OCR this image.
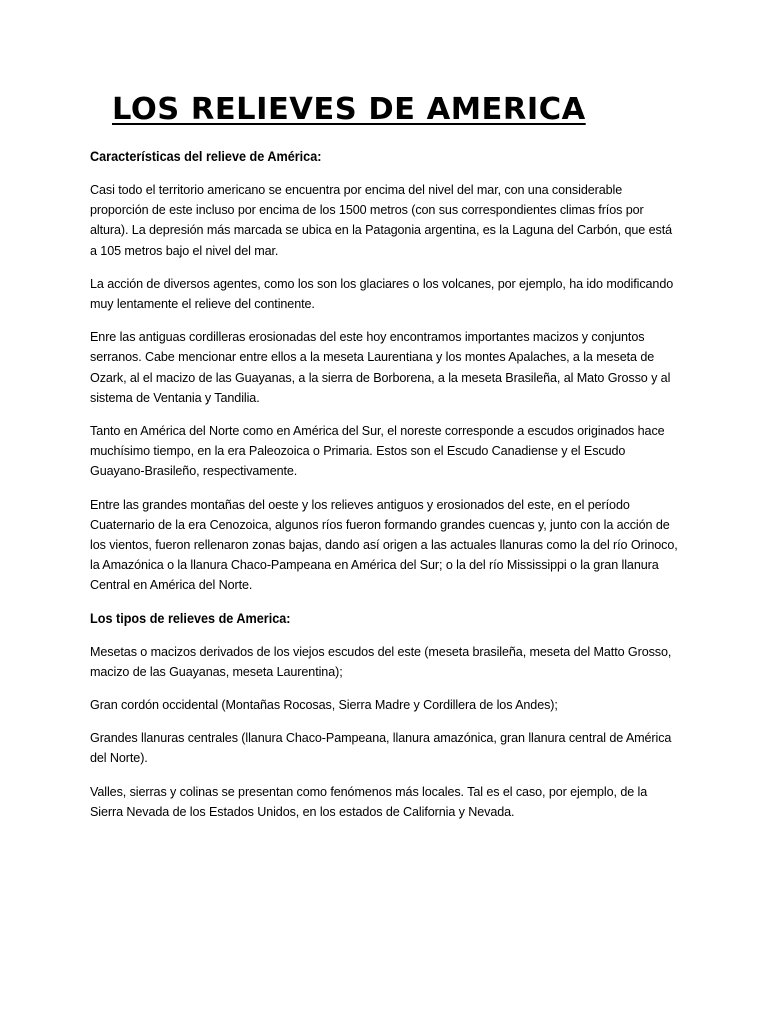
LOS RELIEVES DE AMERICA
Características del relieve de América:

Casi todo el territorio americano se encuentra por encima del nivel del mar, con una considerable proporción de este incluso por encima de los 1500 metros (con sus correspondientes climas fríos por altura). La depresión más marcada se ubica en la Patagonia argentina, es la Laguna del Carbón, que está a 105 metros bajo el nivel del mar.

La acción de diversos agentes, como los son los glaciares o los volcanes, por ejemplo, ha ido modificando muy lentamente el relieve del continente.

Enre las antiguas cordilleras erosionadas del este hoy encontramos importantes macizos y conjuntos serranos. Cabe mencionar entre ellos a la meseta Laurentiana y los montes Apalaches, a la meseta de Ozark, al el macizo de las Guayanas, a la sierra de Borborena, a la meseta Brasileña, al Mato Grosso y al sistema de Ventania y Tandilia.

Tanto en América del Norte como en América del Sur, el noreste corresponde a escudos originados hace muchísimo tiempo, en la era Paleozoica o Primaria. Estos son el Escudo Canadiense y el Escudo Guayano-Brasileño, respectivamente.

Entre las grandes montañas del oeste y los relieves antiguos y erosionados del este, en el período Cuaternario de la era Cenozoica, algunos ríos fueron formando grandes cuencas y, junto con la acción de los vientos, fueron rellenaron zonas bajas, dando así origen a las actuales llanuras como la del río Orinoco, la Amazónica o la llanura Chaco-Pampeana en América del Sur; o la del río Mississippi o la gran llanura Central en América del Norte.

Los tipos de relieves de America:

Mesetas o macizos derivados de los viejos escudos del este (meseta brasileña, meseta del Matto Grosso, macizo de las Guayanas, meseta Laurentina);

Gran cordón occidental (Montañas Rocosas, Sierra Madre y Cordillera de los Andes);

Grandes llanuras centrales (llanura Chaco-Pampeana, llanura amazónica, gran llanura central de América del Norte).

Valles, sierras y colinas se presentan como fenómenos más locales. Tal es el caso, por ejemplo, de la Sierra Nevada de los Estados Unidos, en los estados de California y Nevada.
